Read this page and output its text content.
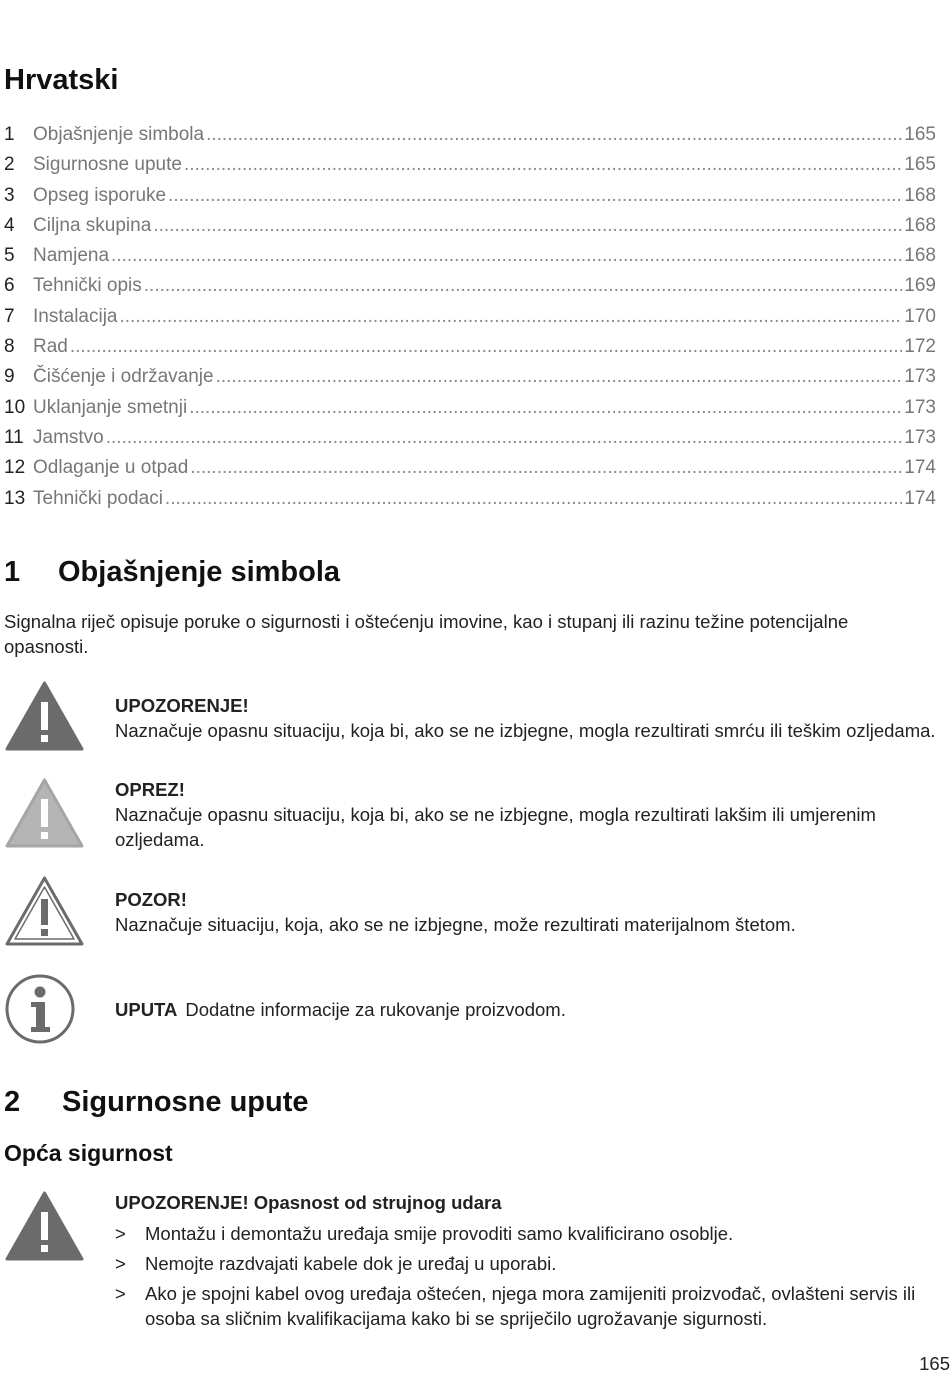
Hrvatski
1 Objašnjenje simbola .....	165
2 Sigurnosne upute .....	165
3 Opseg isporuke .....	168
4 Ciljna skupina .....	168
5 Namjena .....	168
6 Tehnički opis .....	169
7 Instalacija .....	170
8 Rad .....	172
9 Čišćenje i održavanje .....	173
10 Uklanjanje smetnji .....	173
11 Jamstvo .....	173
12 Odlaganje u otpad .....	174
13 Tehnički podaci .....	174
1	Objašnjenje simbola

Signalna riječ opisuje poruke o sigurnosti i oštećenju imovine, kao i stupanj ili razinu težine potencijalne opasnosti.

UPOZORENJE!
Naznačuje opasnu situaciju, koja bi, ako se ne izbjegne, mogla rezultirati smrću ili teškim ozljedama.
OPREZ!
Naznačuje opasnu situaciju, koja bi, ako se ne izbjegne, mogla rezultirati lakšim ili umjerenim ozljedama.
POZOR!
Naznačuje situaciju, koja, ako se ne izbjegne, može rezultirati materijalnom štetom.
UPUTA Dodatne informacije za rukovanje proizvodom.
2	Sigurnosne upute
Opća sigurnost
UPOZORENJE! Opasnost od strujnog udara
> Montažu i demontažu uređaja smije provoditi samo kvalificirano osoblje.
> Nemojte razdvajati kabele dok je uređaj u uporabi.
> Ako je spojni kabel ovog uređaja oštećen, njega mora zamijeniti proizvođač, ovlašteni servis ili osoba sa sličnim kvalifikacijama kako bi se spriječilo ugrožavanje sigurnosti.
165
